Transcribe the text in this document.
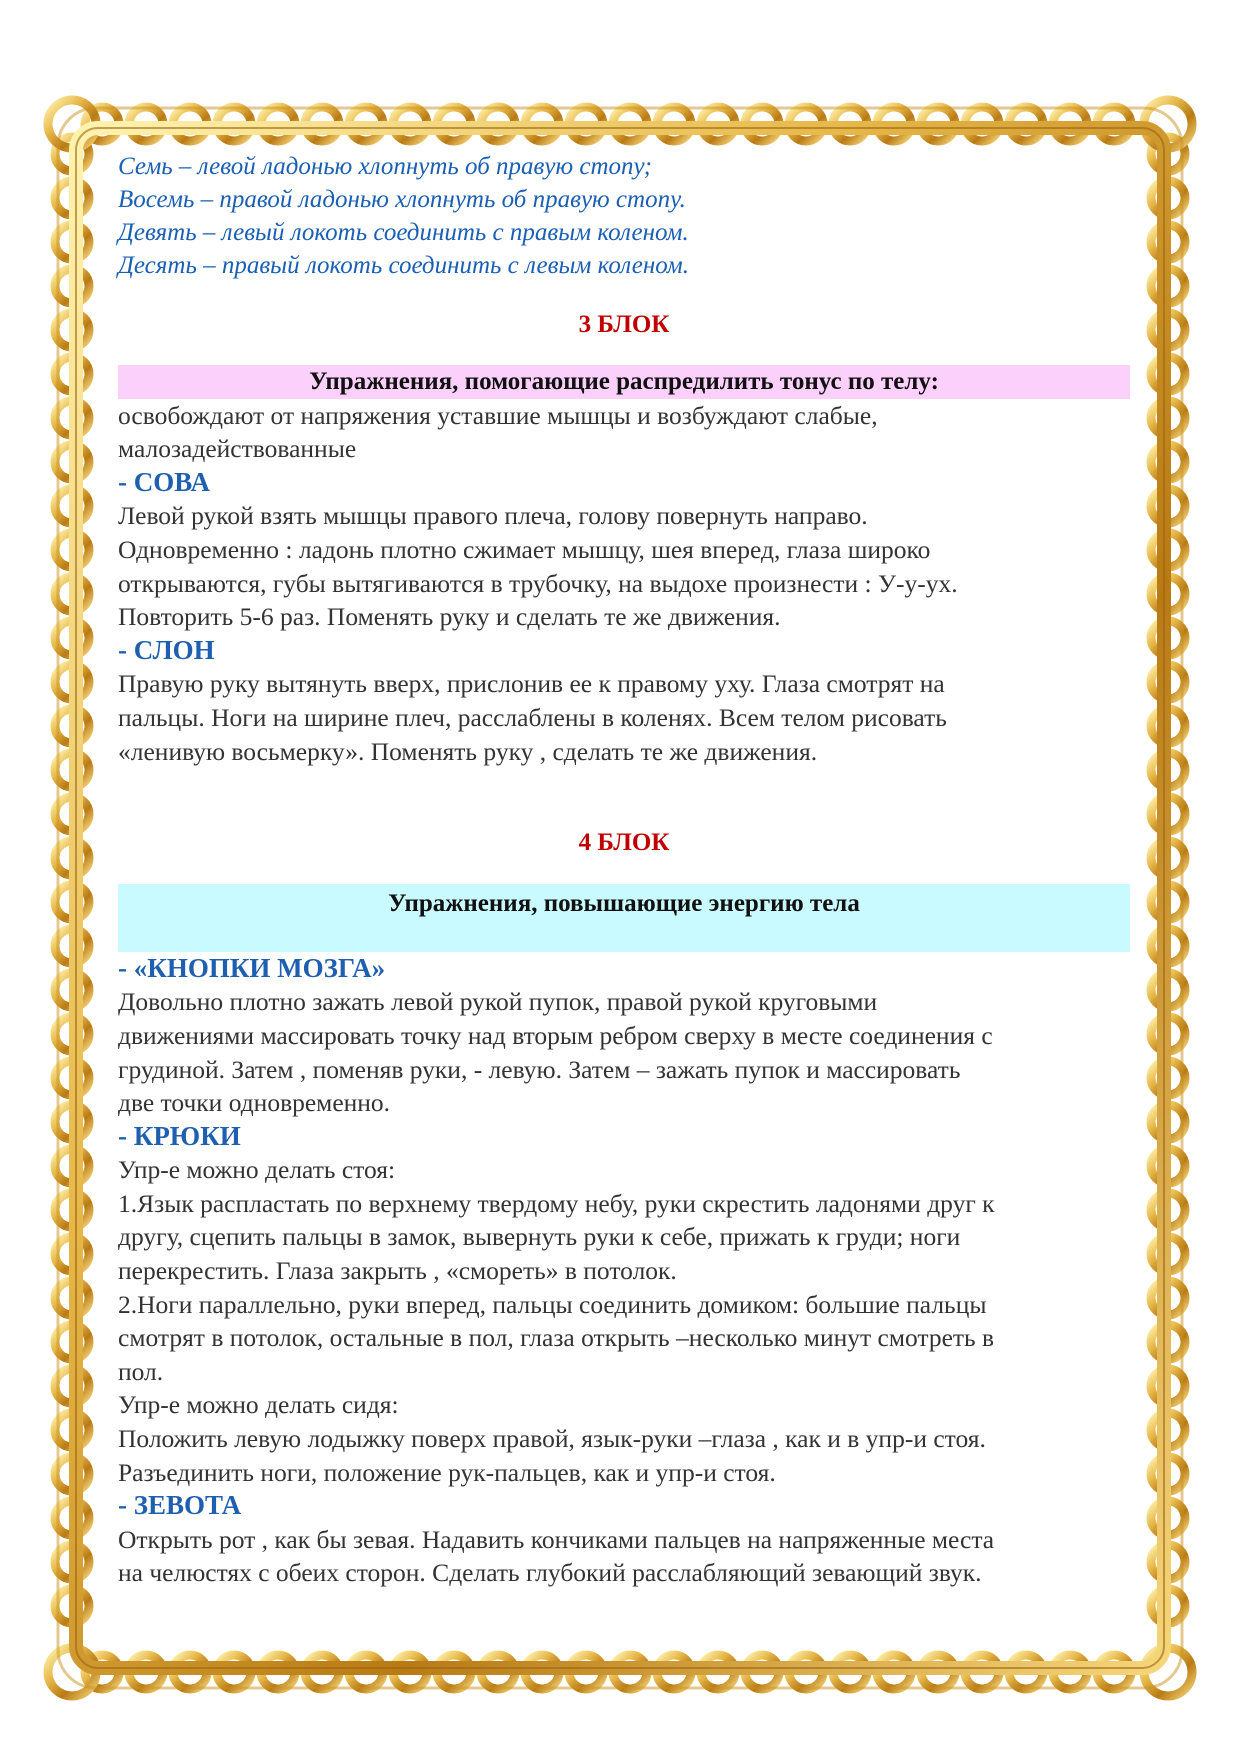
Семь – левой ладонью хлопнуть об правую стопу;
Восемь – правой ладонью хлопнуть об правую стопу.
Девять – левый локоть соединить с правым коленом.
Десять – правый локоть соединить с левым коленом.
3 БЛОК
Упражнения, помогающие распредилить тонус по телу:
освобождают от напряжения уставшие мышцы и возбуждают слабые,
малозадействованные
- СОВА
Левой рукой взять мышцы правого плеча, голову повернуть направо.
Одновременно : ладонь плотно сжимает мышцу, шея вперед, глаза широко
открываются, губы вытягиваются в трубочку, на выдохе произнести : У-у-ух.
Повторить 5-6 раз. Поменять руку и сделать те же движения.
- СЛОН
Правую руку вытянуть вверх, прислонив ее к правому уху. Глаза смотрят на
пальцы. Ноги на ширине плеч, расслаблены в коленях. Всем телом рисовать
«ленивую восьмерку». Поменять руку , сделать те же движения.
4 БЛОК
Упражнения, повышающие энергию тела
- «КНОПКИ МОЗГА»
Довольно плотно зажать левой рукой пупок, правой рукой круговыми
движениями массировать точку над вторым ребром сверху в месте соединения с
грудиной. Затем , поменяв руки, - левую. Затем – зажать пупок и массировать
две точки одновременно.
- КРЮКИ
Упр-е можно делать стоя:
1.Язык распластать по верхнему твердому небу, руки скрестить ладонями друг к
другу, сцепить пальцы в замок, вывернуть руки к себе, прижать к груди; ноги
перекрестить. Глаза закрыть , «смореть» в потолок.
2.Ноги параллельно, руки вперед, пальцы соединить домиком: большие пальцы
смотрят в потолок, остальные в пол, глаза открыть –несколько минут смотреть в
пол.
Упр-е можно делать сидя:
Положить левую лодыжку поверх правой, язык-руки –глаза , как и в упр-и стоя.
Разъединить ноги, положение рук-пальцев, как и упр-и стоя.
- ЗЕВОТА
Открыть рот , как бы зевая. Надавить кончиками пальцев на напряженные места
на челюстях с обеих сторон. Сделать глубокий расслабляющий зевающий звук.
